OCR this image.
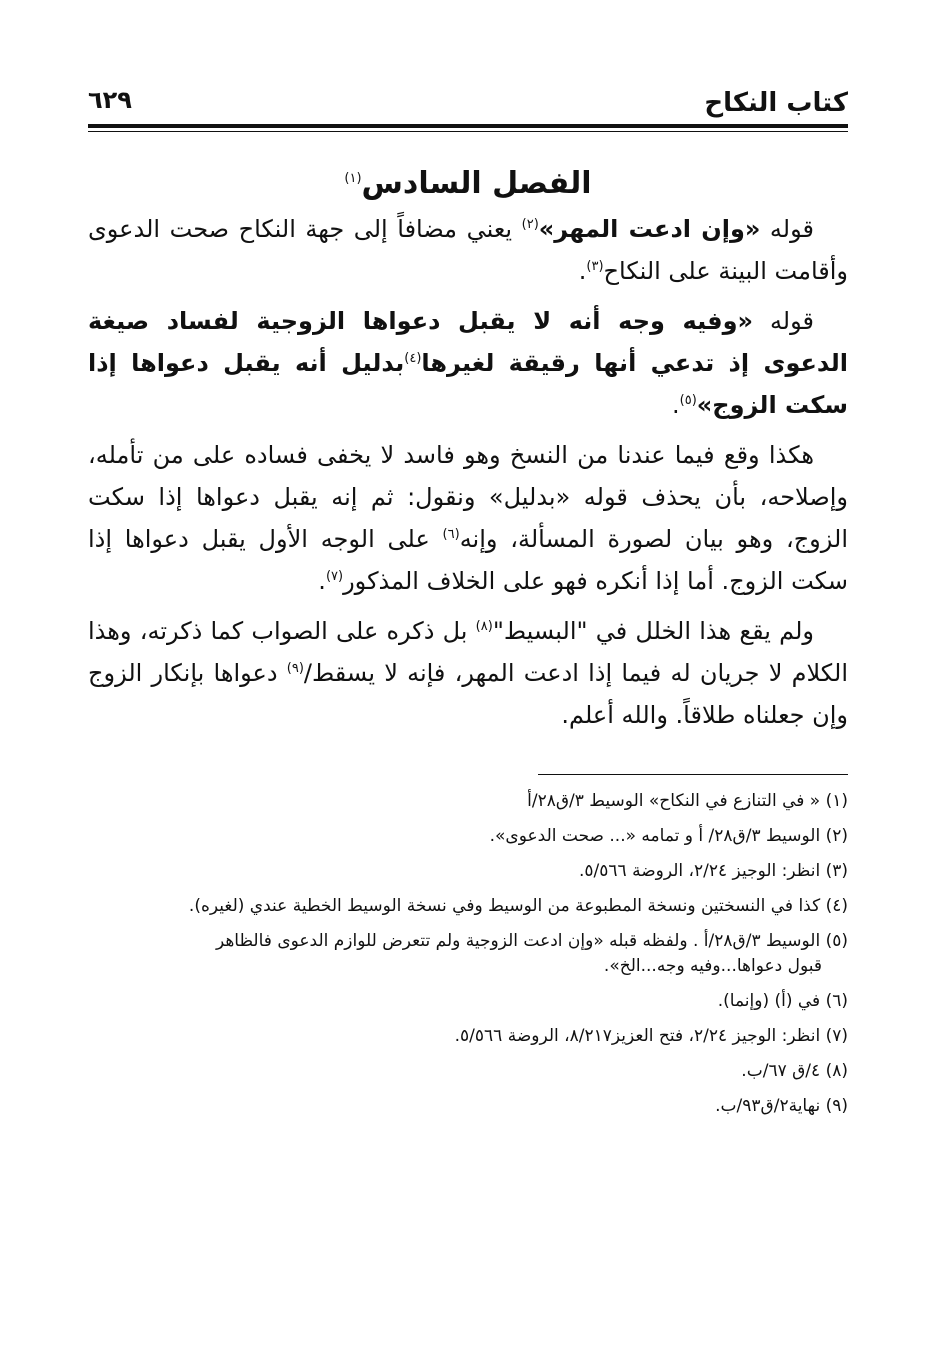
كتاب النكاح
٦٢٩
الفصل السادس$^{(١)}$

قوله «وإن ادعت المهر»$^{(٢)}$ يعني مضافاً إلى جهة النكاح صحت الدعوى وأقامت البينة على النكاح$^{(٣)}$.

قوله «وفيه وجه أنه لا يقبل دعواها الزوجية لفساد صيغة الدعوى إذ تدعي أنها رقيقة لغيرها$^{(٤)}$بدليل أنه يقبل دعواها إذا سكت الزوج»$^{(٥)}$.

هكذا وقع فيما عندنا من النسخ وهو فاسد لا يخفى فساده على من تأمله، وإصلاحه، بأن يحذف قوله «بدليل» ونقول: ثم إنه يقبل دعواها إذا سكت الزوج، وهو بيان لصورة المسألة، وإنه$^{(٦)}$ على الوجه الأول يقبل دعواها إذا سكت الزوج. أما إذا أنكره فهو على الخلاف المذكور$^{(٧)}$.

ولم يقع هذا الخلل في "البسيط"$^{(٨)}$ بل ذكره على الصواب كما ذكرته، وهذا الكلام لا جريان له فيما إذا ادعت المهر، فإنه لا يسقط/$^{(٩)}$ دعواها بإنكار الزوج وإن جعلناه طلاقاً. والله أعلم.

(١) « في التنازع في النكاح» الوسيط ٣/ق٢٨/أ

(٢) الوسيط ٣/ق٢٨/ أ و تمامه «... صحت الدعوى».

(٣) انظر: الوجيز ٢/٢٤، الروضة ٥/٥٦٦.

(٤) كذا في النسختين ونسخة المطبوعة من الوسيط وفي نسخة الوسيط الخطية عندي (لغيره).

(٥) الوسيط ٣/ق٢٨/أ . ولفظه قبله «وإن ادعت الزوجية ولم تتعرض للوازم الدعوى فالظاهر
قبول دعواها...وفيه وجه...الخ».

(٦) في (أ) (وإنما).

(٧) انظر: الوجيز ٢/٢٤، فتح العزيز٨/٢١٧، الروضة ٥/٥٦٦.

(٨) ٤/ق ٦٧/ب.

(٩) نهاية٢/ق٩٣/ب.
